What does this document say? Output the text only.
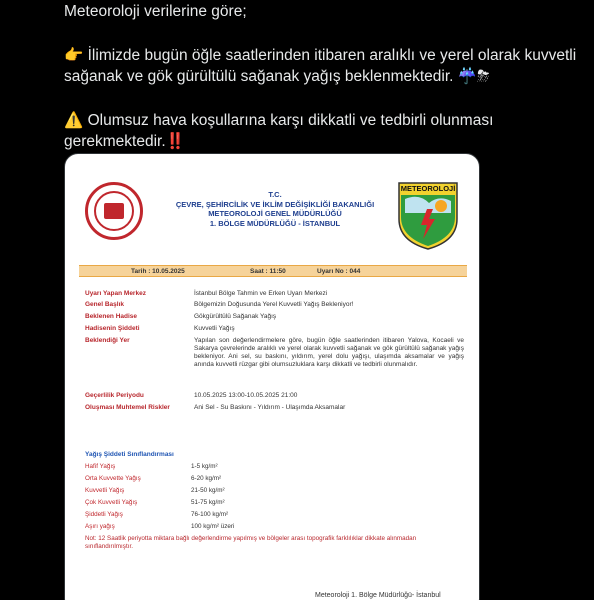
Meteoroloji verilerine göre;
👉 İlimizde bugün öğle saatlerinden itibaren aralıklı ve yerel olarak kuvvetli
sağanak ve gök gürültülü sağanak yağış beklenmektedir. ☔⛈
⚠️ Olumsuz hava koşullarına karşı dikkatli ve tedbirli olunması
gerekmektedir.‼️
T.C.
ÇEVRE, ŞEHİRCİLİK VE İKLİM DEĞİŞİKLİĞİ BAKANLIĞI
METEOROLOJİ GENEL MÜDÜRLÜĞÜ
1. BÖLGE MÜDÜRLÜĞÜ - İSTANBUL
METEOROLOJİ
Tarih : 10.05.2025	Saat : 11:50	Uyarı No : 044
Uyarı Yapan Merkez	İstanbul Bölge Tahmin ve Erken Uyarı Merkezi
Genel Başlık	Bölgemizin Doğusunda Yerel Kuvvetli Yağış Bekleniyor!
Beklenen Hadise	Gökgürültülü Sağanak Yağış
Hadisenin Şiddeti	Kuvvetli Yağış
Beklendiği Yer	Yapılan son değerlendirmelere göre, bugün öğle saatlerinden itibaren Yalova, Kocaeli ve Sakarya çevrelerinde aralıklı ve yerel olarak kuvvetli sağanak ve gök gürültülü sağanak yağış bekleniyor. Ani sel, su baskını, yıldırım, yerel dolu yağışı, ulaşımda aksamalar ve yağış anında kuvvetli rüzgar gibi olumsuzluklara karşı dikkatli ve tedbirli olunmalıdır.
Geçerlilik Periyodu	10.05.2025 13:00-10.05.2025 21:00
Oluşması Muhtemel Riskler	Ani Sel - Su Baskını - Yıldırım - Ulaşımda Aksamalar
Yağış Şiddeti Sınıflandırması
Hafif Yağış	1-5 kg/m²
Orta Kuvvette Yağış	6-20 kg/m²
Kuvvetli Yağış	21-50 kg/m²
Çok Kuvvetli Yağış	51-75 kg/m²
Şiddetli Yağış	76-100 kg/m²
Aşırı yağış	100 kg/m² üzeri
Not: 12 Saatlik periyotta miktara bağlı değerlendirme yapılmış ve bölgeler arası topografik farklılıklar dikkate alınmadan sınıflandırılmıştır.
Meteoroloji 1. Bölge Müdürlüğü- İstanbul
